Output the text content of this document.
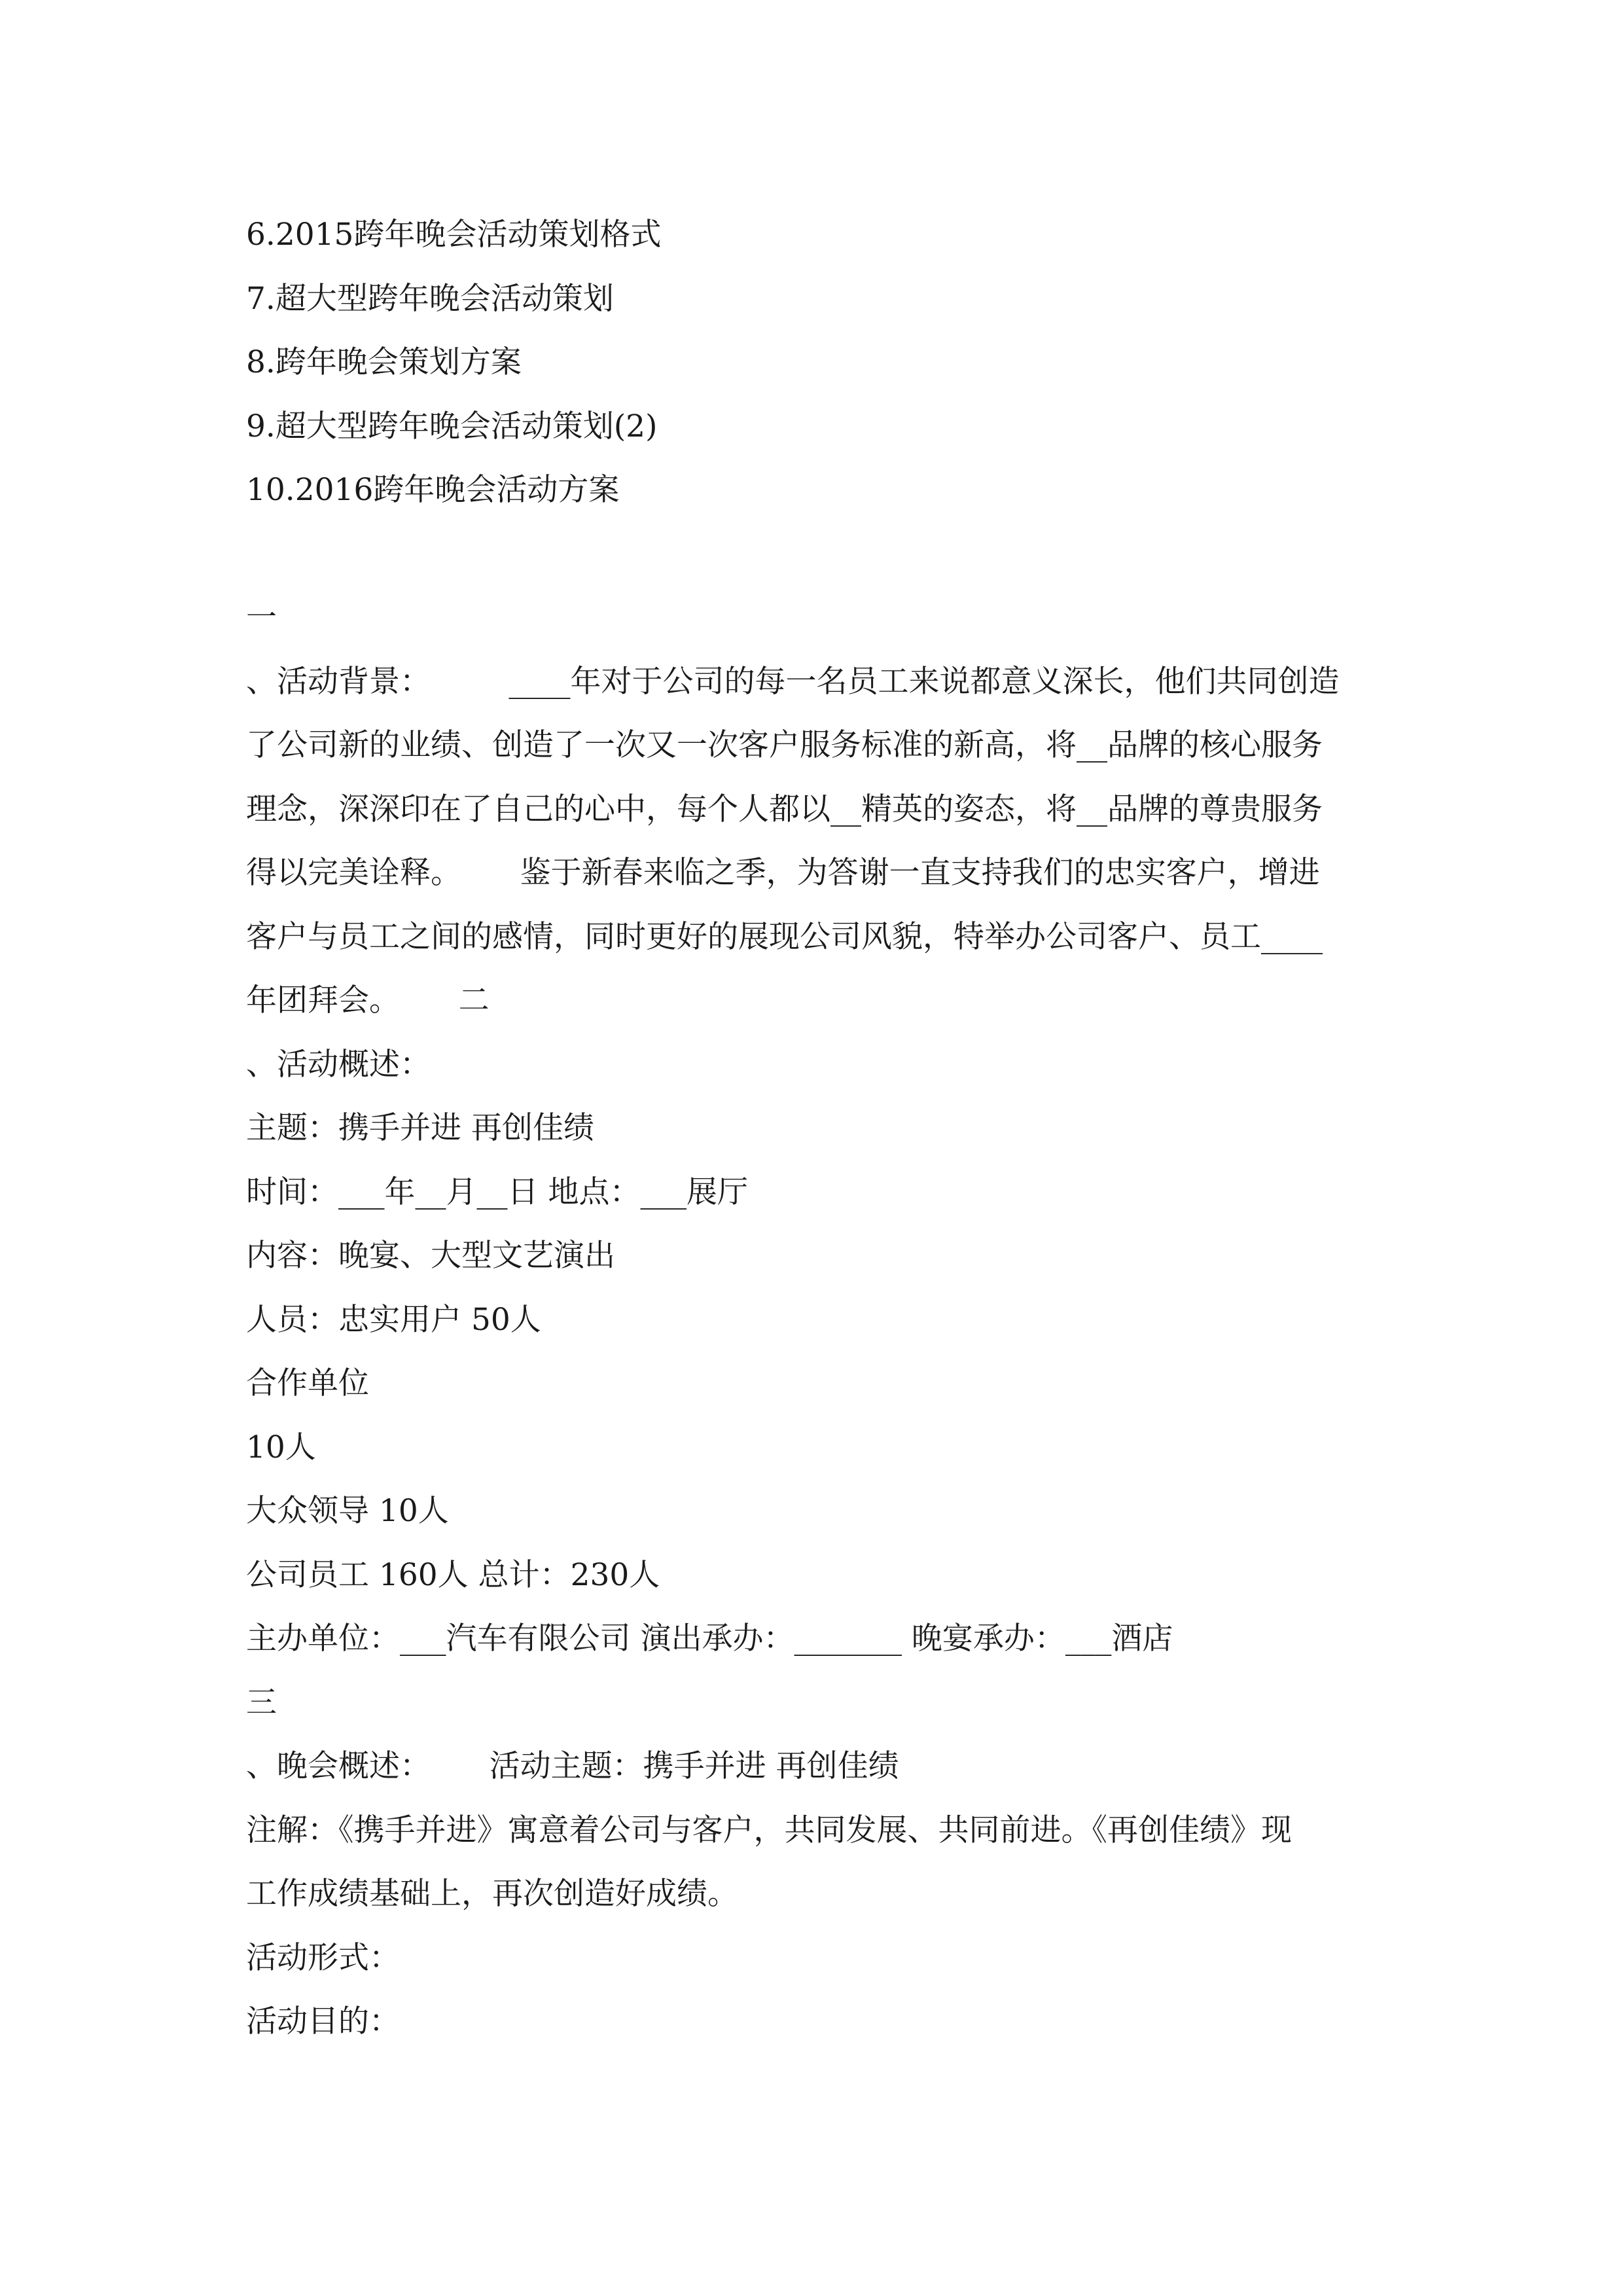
6.2015跨年晚会活动策划格式
7.超大型跨年晚会活动策划
8.跨年晚会策划方案
9.超大型跨年晚会活动策划(2)
10.2016跨年晚会活动方案
一
、活动背景：        ____年对于公司的每一名员工来说都意义深长，他们共同创造
了公司新的业绩、创造了一次又一次客户服务标准的新高，将__品牌的核心服务
理念，深深印在了自己的心中，每个人都以__精英的姿态，将__品牌的尊贵服务
得以完美诠释。      鉴于新春来临之季，为答谢一直支持我们的忠实客户，增进
客户与员工之间的感情，同时更好的展现公司风貌，特举办公司客户、员工____
年团拜会。      二
、活动概述：
主题：携手并进 再创佳绩
时间：___年__月__日 地点：___展厅
内容：晚宴、大型文艺演出
人员：忠实用户 50人
合作单位
10人
大众领导 10人
公司员工 160人 总计：230人
主办单位：___汽车有限公司 演出承办：_______ 晚宴承办：___酒店
三
、晚会概述：      活动主题：携手并进 再创佳绩
注解：《携手并进》寓意着公司与客户，共同发展、共同前进。《再创佳绩》现
工作成绩基础上，再次创造好成绩。
活动形式：
活动目的：
